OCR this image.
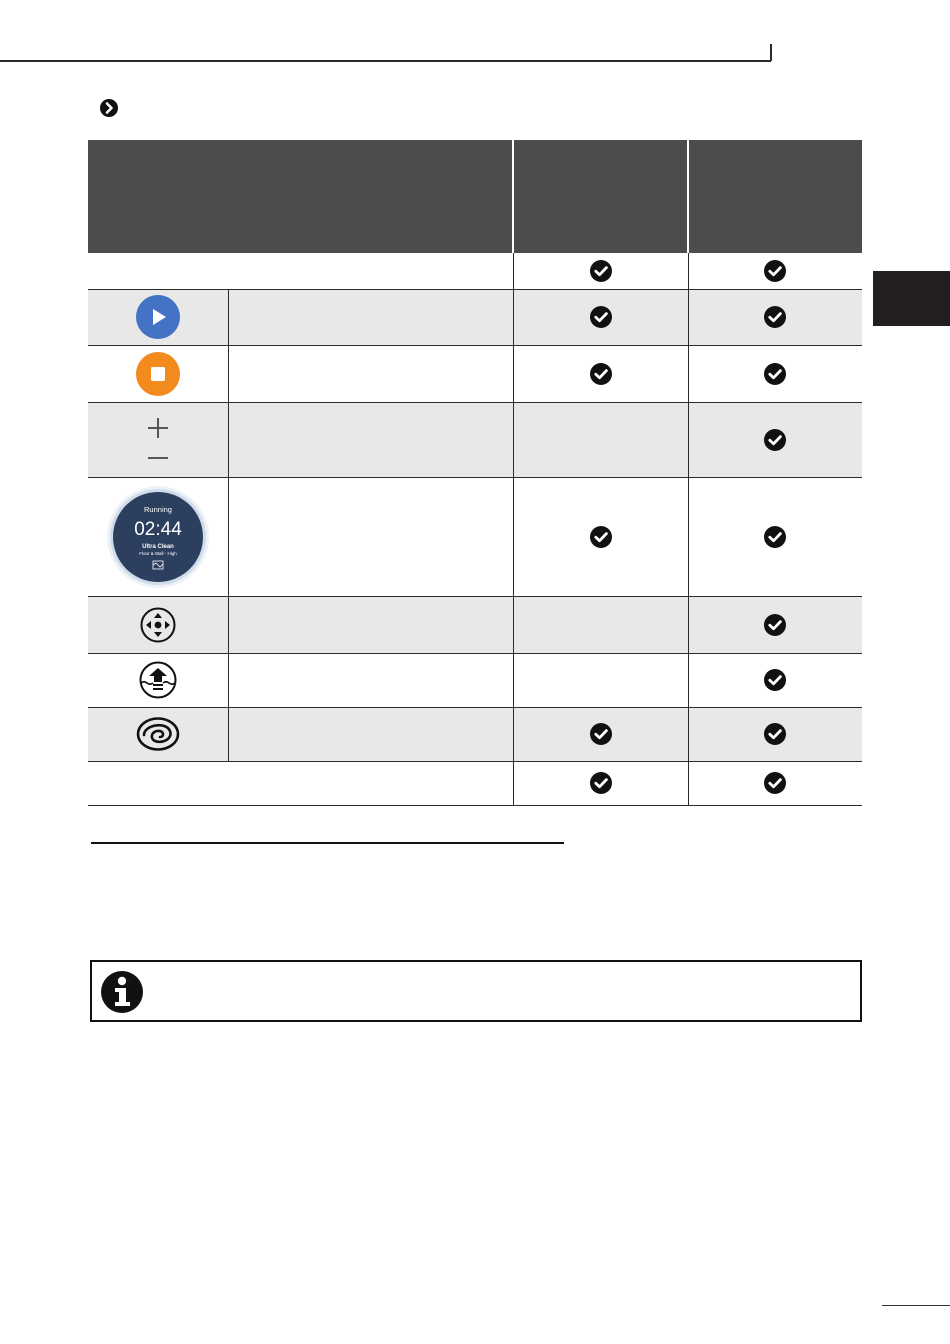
Running
02:44
Ultra Clean
Floor & Wall - High
